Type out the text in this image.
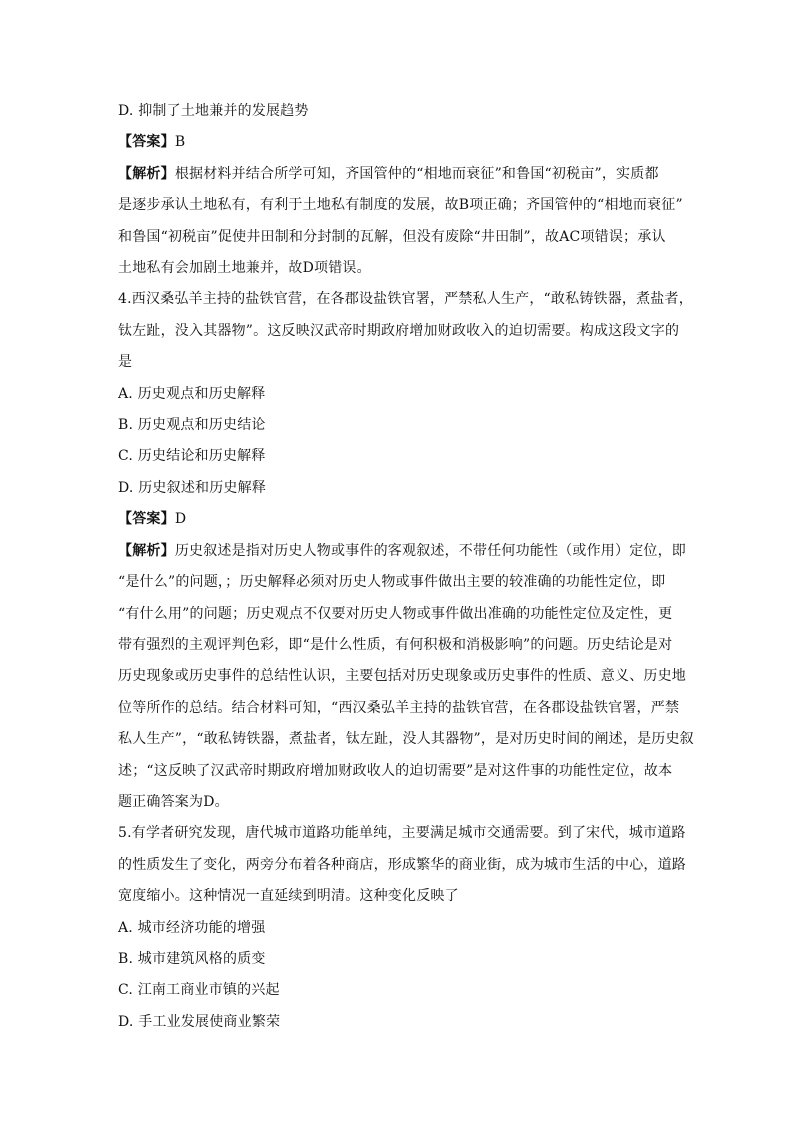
D. 抑制了土地兼并的发展趋势
【答案】B
【解析】根据材料并结合所学可知，齐国管仲的“相地而衰征”和鲁国“初税亩”，实质都
是逐步承认土地私有，有利于土地私有制度的发展，故B项正确；齐国管仲的“相地而衰征”
和鲁国“初税亩”促使井田制和分封制的瓦解，但没有废除“井田制”，故AC项错误；承认
土地私有会加剧土地兼并，故D项错误。
4.西汉桑弘羊主持的盐铁官营，在各郡设盐铁官署，严禁私人生产，“敢私铸铁器，煮盐者，
钛左趾，没入其器物”。这反映汉武帝时期政府增加财政收入的迫切需要。构成这段文字的
是
A. 历史观点和历史解释
B. 历史观点和历史结论
C. 历史结论和历史解释
D. 历史叙述和历史解释
【答案】D
【解析】历史叙述是指对历史人物或事件的客观叙述，不带任何功能性（或作用）定位，即
“是什么”的问题，；历史解释必须对历史人物或事件做出主要的较准确的功能性定位，即
“有什么用”的问题；历史观点不仅要对历史人物或事件做出准确的功能性定位及定性，更
带有强烈的主观评判色彩，即“是什么性质，有何积极和消极影响”的问题。历史结论是对
历史现象或历史事件的总结性认识，主要包括对历史现象或历史事件的性质、意义、历史地
位等所作的总结。结合材料可知，“西汉桑弘羊主持的盐铁官营，在各郡设盐铁官署，严禁
私人生产”，“敢私铸铁器，煮盐者，钛左趾，没人其器物”，是对历史时间的阐述，是历史叙
述；“这反映了汉武帝时期政府增加财政收人的迫切需要”是对这件事的功能性定位，故本
题正确答案为D。
5.有学者研究发现，唐代城市道路功能单纯，主要满足城市交通需要。到了宋代，城市道路
的性质发生了变化，两旁分布着各种商店，形成繁华的商业街，成为城市生活的中心，道路
宽度缩小。这种情况一直延续到明清。这种变化反映了
A. 城市经济功能的增强
B. 城市建筑风格的质变
C. 江南工商业市镇的兴起
D. 手工业发展使商业繁荣
